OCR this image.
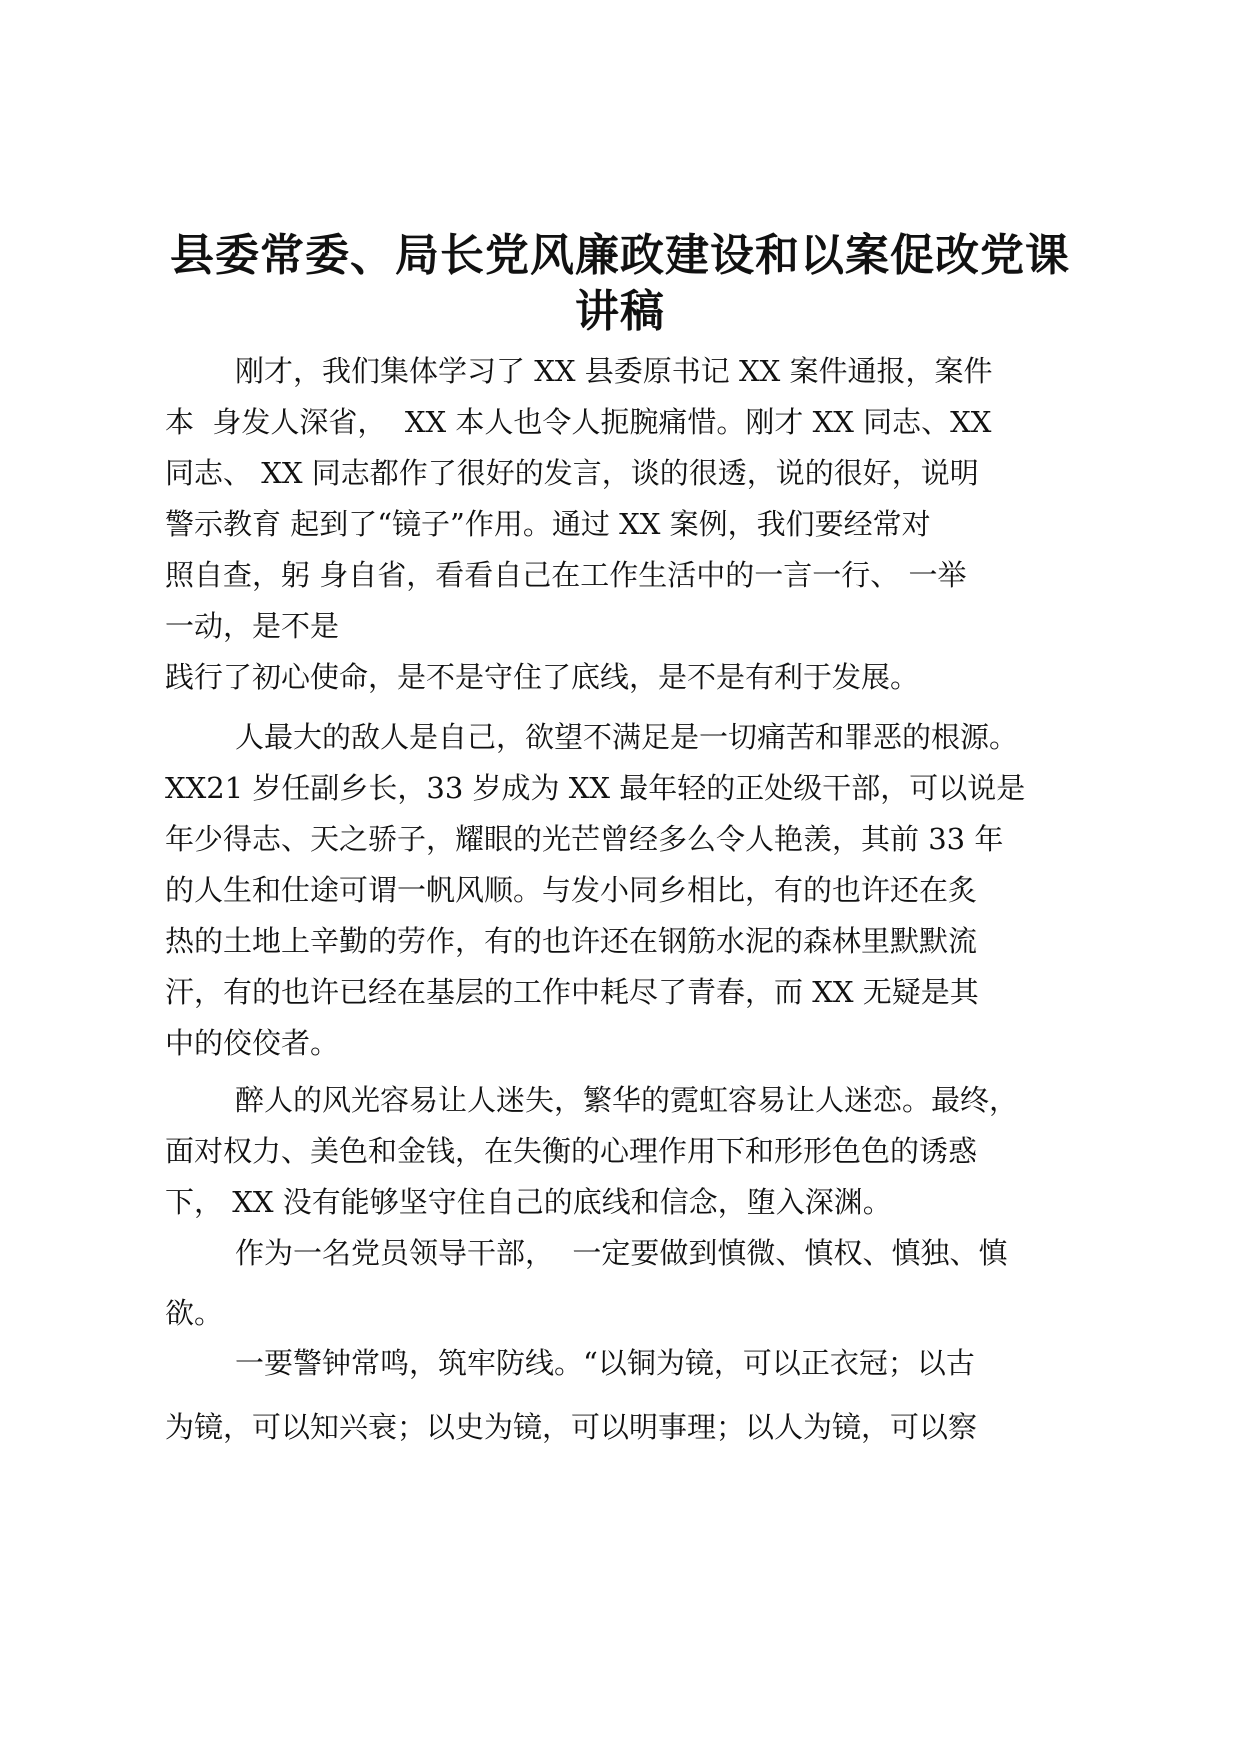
县委常委、局长党风廉政建设和以案促改党课
讲稿
刚才，我们集体学习了 XX 县委原书记 XX 案件通报，案件
本  身发人深省，  XX 本人也令人扼腕痛惜。刚才 XX 同志、XX
同志、 XX 同志都作了很好的发言，谈的很透，说的很好，说明
警示教育 起到了“镜子”作用。通过 XX 案例，我们要经常对
照自查，躬 身自省，看看自己在工作生活中的一言一行、 一举
一动，是不是
践行了初心使命，是不是守住了底线，是不是有利于发展。
人最大的敌人是自己，欲望不满足是一切痛苦和罪恶的根源。
XX21 岁任副乡长，33 岁成为 XX 最年轻的正处级干部，可以说是
年少得志、天之骄子，耀眼的光芒曾经多么令人艳羡，其前 33 年
的人生和仕途可谓一帆风顺。与发小同乡相比，有的也许还在炙
热的土地上辛勤的劳作，有的也许还在钢筋水泥的森林里默默流
汗，有的也许已经在基层的工作中耗尽了青春，而 XX 无疑是其
中的佼佼者。
醉人的风光容易让人迷失，繁华的霓虹容易让人迷恋。最终，
面对权力、美色和金钱，在失衡的心理作用下和形形色色的诱惑
下， XX 没有能够坚守住自己的底线和信念，堕入深渊。
作为一名党员领导干部，  一定要做到慎微、慎权、慎独、慎
欲。
一要警钟常鸣，筑牢防线。“以铜为镜，可以正衣冠；以古
为镜，可以知兴衰；以史为镜，可以明事理；以人为镜，可以察
